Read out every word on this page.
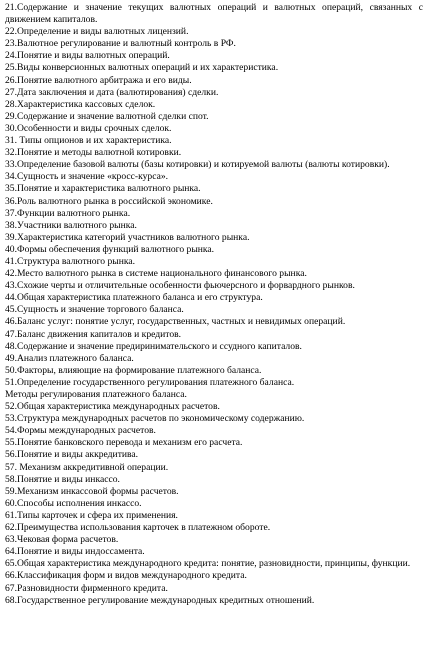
21.Содержание и значение текущих валютных операций и валютных операций, связанных с движением капиталов.
22.Определение и виды валютных лицензий.
23.Валютное регулирование и валютный контроль в РФ.
24.Понятие и виды валютных операций.
25.Виды конверсионных валютных операций и их характеристика.
26.Понятие валютного арбитража и его виды.
27.Дата заключения и дата (валютирования) сделки.
28.Характеристика кассовых сделок.
29.Содержание и значение валютной сделки спот.
30.Особенности и виды срочных сделок.
31. Типы опционов и их характеристика.
32.Понятие и методы валютной котировки.
33.Определение базовой валюты (базы котировки) и котируемой валюты (валюты котировки).
34.Сущность и значение «кросс-курса».
35.Понятие и характеристика валютного рынка.
36.Роль валютного рынка в российской экономике.
37.Функции валютного рынка.
38.Участники валютного рынка.
39.Характеристика категорий участников валютного рынка.
40.Формы обеспечения функций валютного рынка.
41.Структура валютного рынка.
42.Место валютного рынка в системе национального финансового рынка.
43.Схожие черты и отличительные особенности фьючерсного и форвардного рынков.
44.Общая характеристика платежного баланса и его структура.
45.Сущность и значение торгового баланса.
46.Баланс услуг: понятие услуг, государственных, частных и невидимых операций.
47.Баланс движения капиталов и кредитов.
48.Содержание и значение предиринимательского и ссудного капиталов.
49.Анализ платежного баланса.
50.Факторы, влияющие на формирование платежного баланса.
51.Определение государственного регулирования платежного баланса.
Методы регулирования платежного баланса.
52.Общая характеристика международных расчетов.
53.Структура международных расчетов по экономическому содержанию.
54.Формы международных расчетов.
55.Понятие банковского перевода и механизм его расчета.
56.Понятие и виды аккредитива.
57. Механизм аккредитивной операции.
58.Понятие и виды инкассо.
59.Механизм инкассовой формы расчетов.
60.Способы исполнения инкассо.
61.Типы карточек и сфера их применения.
62.Преимущества использования карточек в платежном обороте.
63.Чековая форма расчетов.
64.Понятие и виды индоссамента.
65.Общая характеристика международного кредита: понятие, разновидности, принципы, функции.
66.Классификация форм и видов международного кредита.
67.Разновидности фирменного кредита.
68.Государственное регулирование международных кредитных отношений.
